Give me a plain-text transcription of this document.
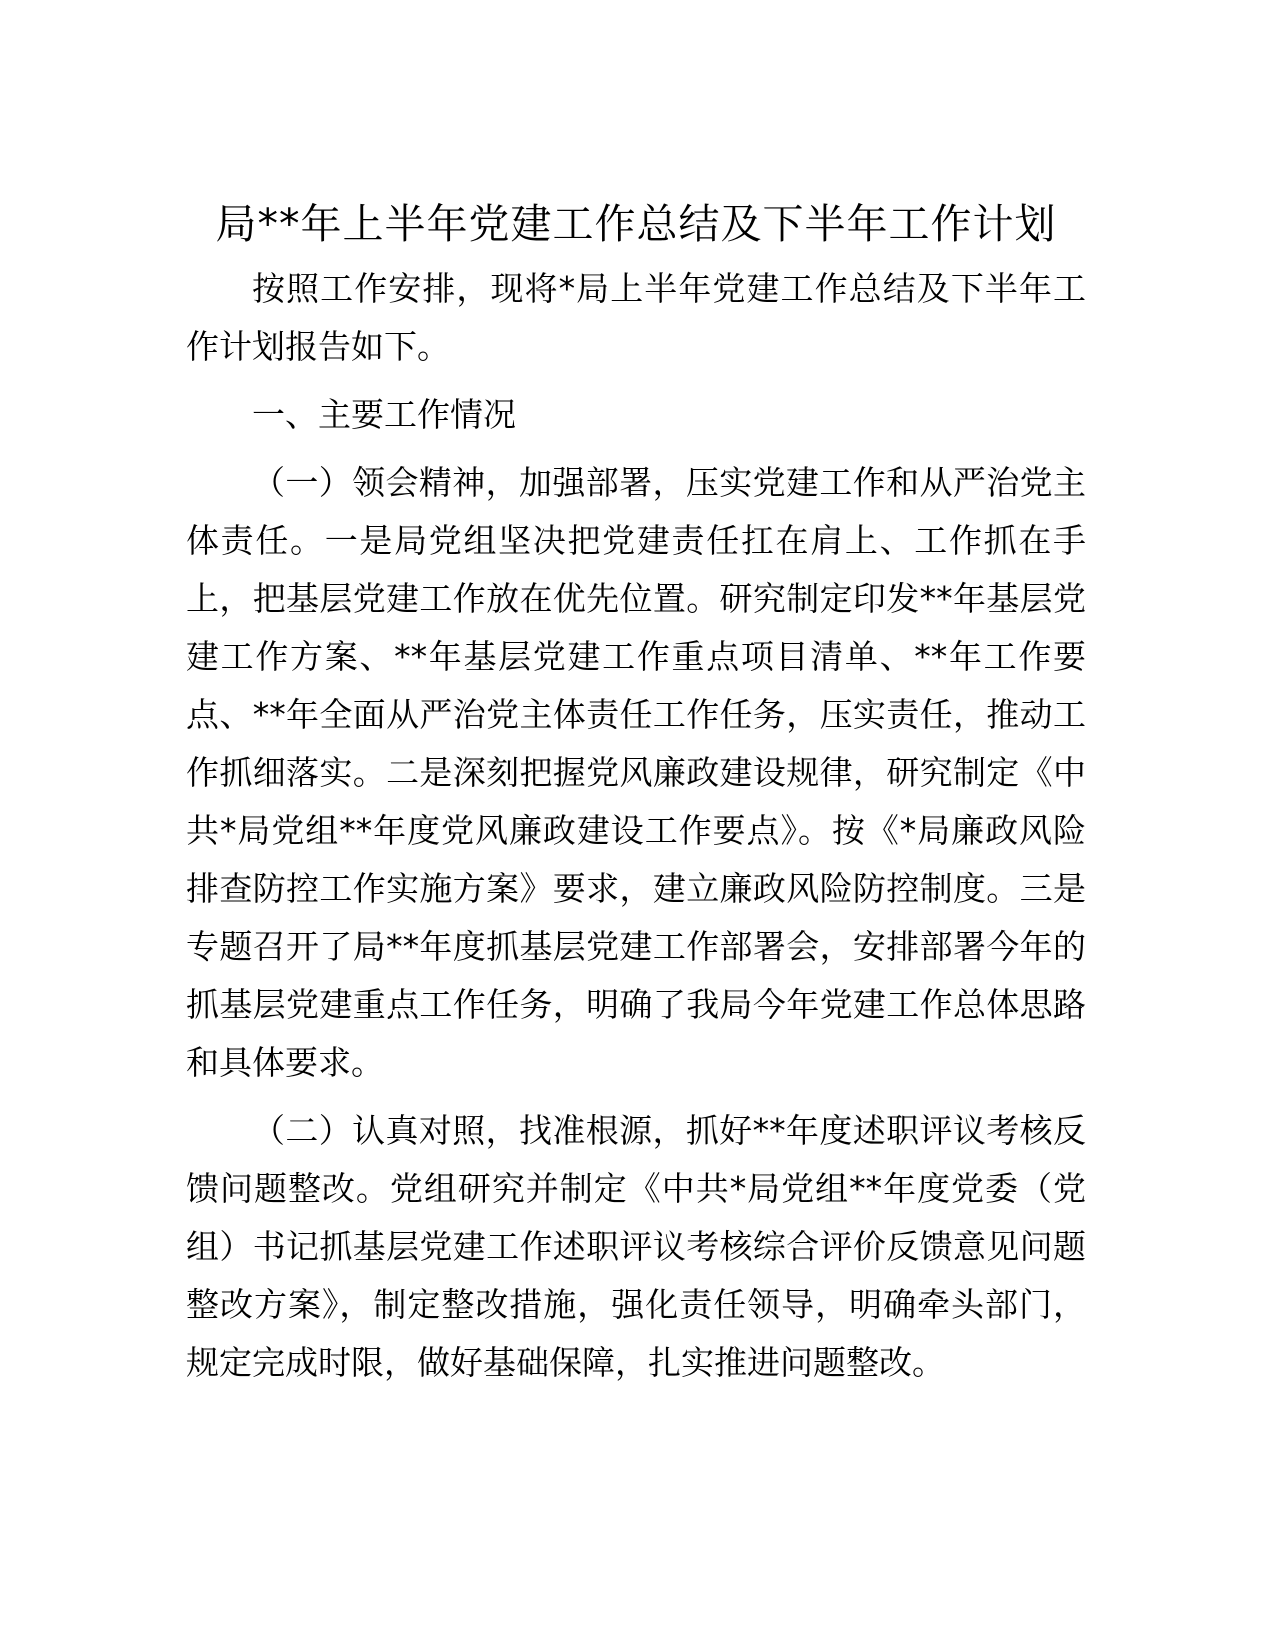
局**年上半年党建工作总结及下半年工作计划

按照工作安排，现将*局上半年党建工作总结及下半年工作计划报告如下。

一、主要工作情况

（一）领会精神，加强部署，压实党建工作和从严治党主体责任。一是局党组坚决把党建责任扛在肩上、工作抓在手上，把基层党建工作放在优先位置。研究制定印发**年基层党建工作方案、**年基层党建工作重点项目清单、**年工作要点、**年全面从严治党主体责任工作任务，压实责任，推动工作抓细落实。二是深刻把握党风廉政建设规律，研究制定《中共*局党组**年度党风廉政建设工作要点》。按《*局廉政风险排查防控工作实施方案》要求，建立廉政风险防控制度。三是专题召开了局**年度抓基层党建工作部署会，安排部署今年的抓基层党建重点工作任务，明确了我局今年党建工作总体思路和具体要求。

（二）认真对照，找准根源，抓好**年度述职评议考核反馈问题整改。党组研究并制定《中共*局党组**年度党委（党组）书记抓基层党建工作述职评议考核综合评价反馈意见问题整改方案》，制定整改措施，强化责任领导，明确牵头部门，规定完成时限，做好基础保障，扎实推进问题整改。
